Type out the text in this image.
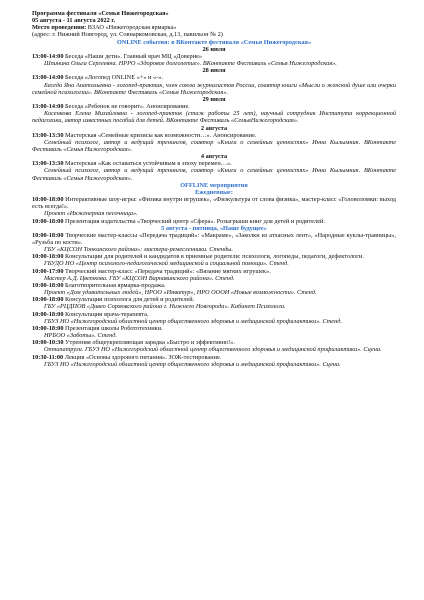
Программа фестиваля «Семья Нижегородская»

05 августа - 11 августа 2022 г.

Место проведения: ВЗАО «Нижегородская ярмарка»

(адрес: г. Нижний Новгород, ул. Совнаркомовская, д.13, павильон № 2)

ONLINE события: в ВКонтакте фестиваля «Семья Нижегородская»

26 июля

13:00-14:00 Беседа «Наши дети». Главный врач МЦ «Доверие»

Шпинина Ольга Сергеевна. НРРО «Здоровое долголетие». ВКонтакте Фестиваль «Семья Нижегородская».

28 июля

13:00-14:00 Беседа «Логопед ONLINE «+» и «-».

Беседа Яна Анатольевна - логопед-практик, член союза журналистов России, соавтор книги «Мысли о женской душе или очерки семейной психологии». ВКонтакте Фестиваль «Семья Нижегородская».

29 июля

13:00-14:00 Беседа «Ребенок не говорит». Анонсирование.

Косенкова Елена Михайловна - логопед-практик (стаж работы 25 лет), научный сотрудник Института коррекционной педагогики, автор известных пособий для детей. ВКонтакте Фестиваль «СемьяНижегородская».

2 августа

13:00-13:30 Мастерская «Семейные кризисы как возможности…». Анонсирование.

Семейный психолог, автор и ведущий тренингов, соавтор «Книги о семейных ценностях» Инна Кылымник. ВКонтакте Фестиваль «Семья Нижегородская».

4 августа

13:00-13:30 Мастерская «Как оставаться устойчивым в эпоху перемен…».

Семейный психолог, автор и ведущий тренингов, соавтор «Книги о семейных ценностях» Инна Кылымник. ВКонтакте Фестиваль «Семья Нижегородская».

OFFLINE мероприятия

Ежедневные:

10:00-18:00 Интерактивные шоу-игры: «Физика внутри игрушек», «Физкультура от слова физика», мастер-класс «Головоломки: выход есть всегда!».

Проект «Инженерная песочница».

10:00-18:00 Презентация издательства «Творческий центр «Сфера». Розыгрыши книг для детей и родителей.

5 августа - пятница, «Наше будущее»

10:00-18:00 Творческие мастер-классы «Передача традиций»: «Макраме», «Заколки из атласных лент», «Народные куклы-травницы», «Рузьба по кости».

ГБУ «КЦСОН Тонкинского района»: мастера-ремесленники. Стенды.

10:00-18:00 Консультации для родителей и кандидатов в приемные родители: психологи, логопеды, педагоги, дефектологи.

ГБУДО НО «Центр психолого-педагогической медицинской и социальной помощи». Стенд.

10:00-17:00 Творческий мастер-класс «Передача традиций»: «Вязание мягких игрушек».

Мастер А.Д. Цветкова. ГБУ «КЦСОН Варнавинского района». Стенд.

10:00-18:00 Благотворительная ярмарка-продажа.

Проект «Дом удивительных людей», НРОО «Инватур», НРО ОООИ «Новые возможности». Стенд.

10:00-18:00 Консультации психолога для детей и родителей.

ГБУ «РЦДПОВ «Дивео Сормовского района г. Нижнего Новгорода». Кабинет Психолога.

10:00-18:00 Консультации врача-терапевта.

ГБУЗ НО «Нижегородский областной центр общественного здоровья и медицинской профилактики». Стенд.

10:00-18:00 Презентация школы Робототехники.

НРБОО «Заботы». Стенд.

10:00-10:30 Утренняя общеукрепляющая зарядка «Быстро и эффективно!».

Оптипатрули. ГБУЗ НО «Нижегородский областной центр общественного здоровья и медицинской профилактики». Сцена.

10:30-11:00 Лекция «Основы здорового питания». ЗОЖ-тестирование.

ГБУЗ НО «Нижегородский областной центр общественного здоровья и медицинской профилактики». Сцена.
